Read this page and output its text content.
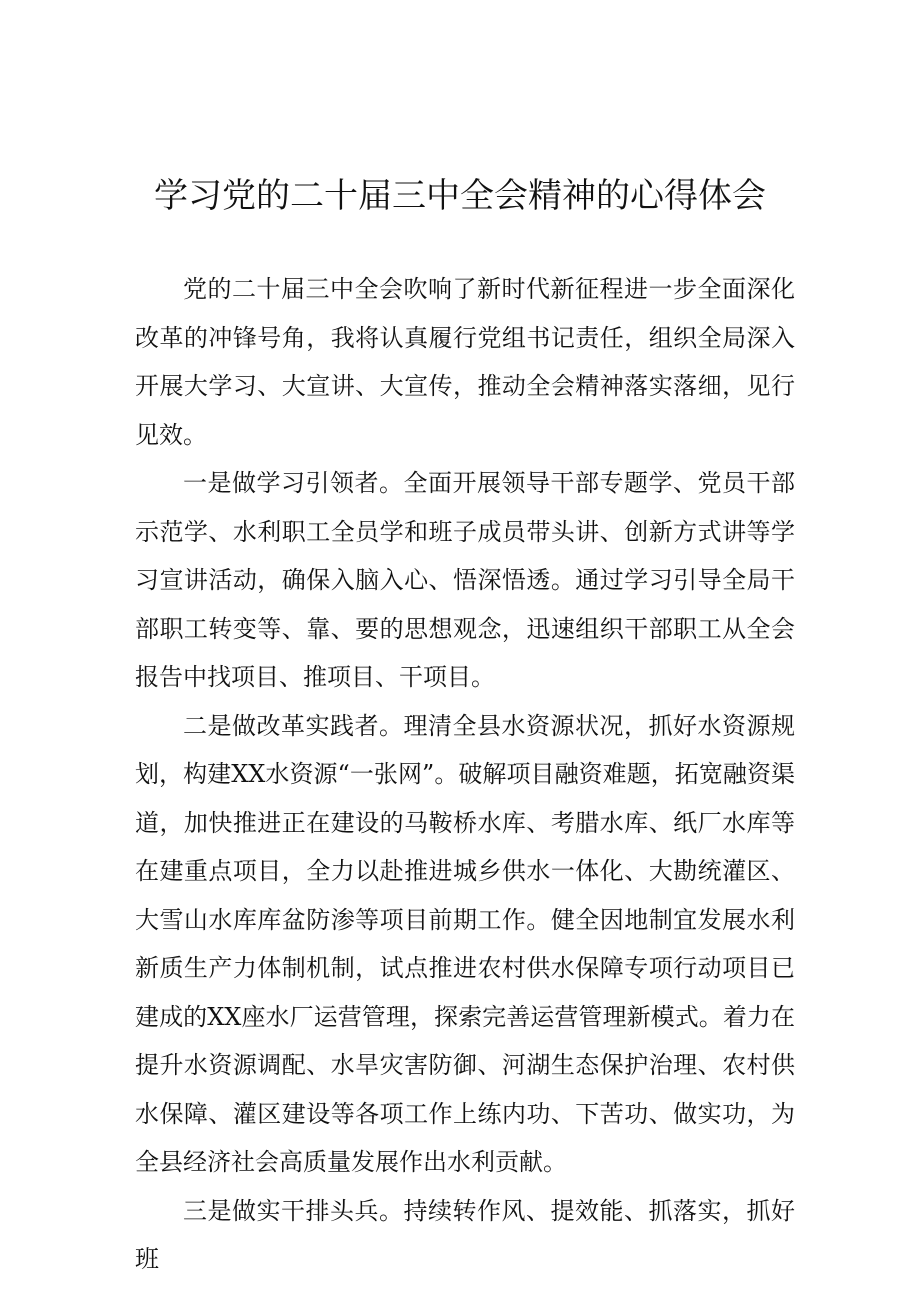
学习党的二十届三中全会精神的心得体会

党的二十届三中全会吹响了新时代新征程进一步全面深化改革的冲锋号角，我将认真履行党组书记责任，组织全局深入开展大学习、大宣讲、大宣传，推动全会精神落实落细，见行见效。

一是做学习引领者。全面开展领导干部专题学、党员干部示范学、水利职工全员学和班子成员带头讲、创新方式讲等学习宣讲活动，确保入脑入心、悟深悟透。通过学习引导全局干部职工转变等、靠、要的思想观念，迅速组织干部职工从全会报告中找项目、推项目、干项目。

二是做改革实践者。理清全县水资源状况，抓好水资源规划，构建XX水资源“一张网”。破解项目融资难题，拓宽融资渠道，加快推进正在建设的马鞍桥水库、考腊水库、纸厂水库等在建重点项目，全力以赴推进城乡供水一体化、大勘统灌区、大雪山水库库盆防渗等项目前期工作。健全因地制宜发展水利新质生产力体制机制，试点推进农村供水保障专项行动项目已建成的XX座水厂运营管理，探索完善运营管理新模式。着力在提升水资源调配、水旱灾害防御、河湖生态保护治理、农村供水保障、灌区建设等各项工作上练内功、下苦功、做实功，为全县经济社会高质量发展作出水利贡献。

三是做实干排头兵。持续转作风、提效能、抓落实，抓好班
